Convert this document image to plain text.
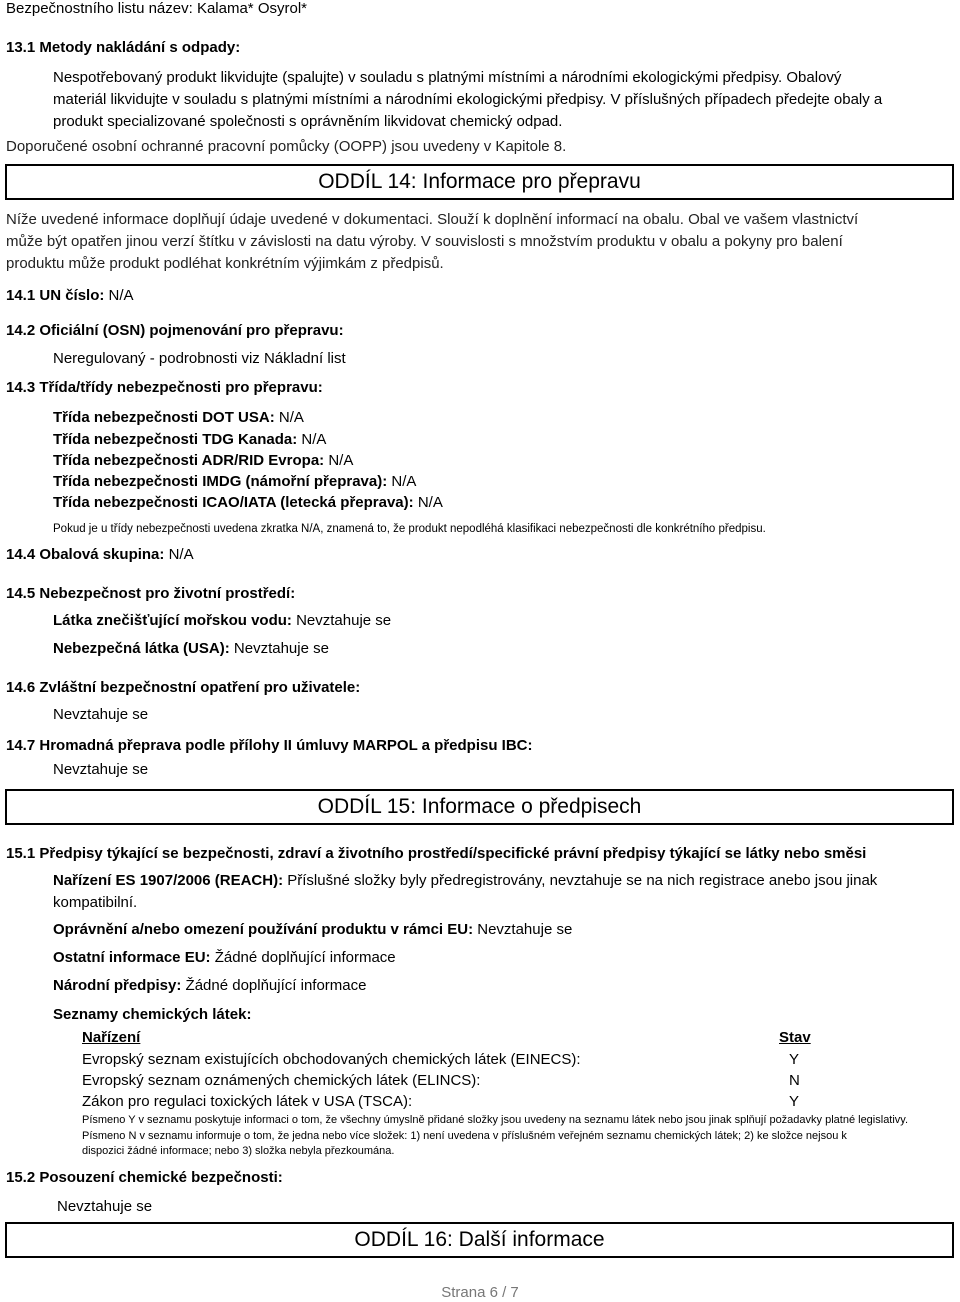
Bezpečnostního listu název: Kalama* Osyrol*
13.1 Metody nakládání s odpady:
Nespotřebovaný produkt likvidujte (spalujte) v souladu s platnými místními a národními ekologickými předpisy. Obalový
materiál likvidujte v souladu s platnými místními a národními ekologickými předpisy. V příslušných případech předejte obaly a
produkt specializované společnosti s oprávněním likvidovat chemický odpad.
Doporučené osobní ochranné pracovní pomůcky (OOPP) jsou uvedeny v Kapitole 8.
ODDÍL 14: Informace pro přepravu
Níže uvedené informace doplňují údaje uvedené v dokumentaci. Slouží k doplnění informací na obalu. Obal ve vašem vlastnictví
může být opatřen jinou verzí štítku v závislosti na datu výroby. V souvislosti s množstvím produktu v obalu a pokyny pro balení
produktu může produkt podléhat konkrétním výjimkám z předpisů.
14.1 UN číslo: N/A
14.2 Oficiální (OSN) pojmenování pro přepravu:
Neregulovaný - podrobnosti viz Nákladní list
14.3 Třída/třídy nebezpečnosti pro přepravu:
Třída nebezpečnosti DOT USA: N/A
Třída nebezpečnosti TDG Kanada: N/A
Třída nebezpečnosti ADR/RID Evropa: N/A
Třída nebezpečnosti IMDG (námořní přeprava): N/A
Třída nebezpečnosti ICAO/IATA (letecká přeprava): N/A
Pokud je u třídy nebezpečnosti uvedena zkratka N/A, znamená to, že produkt nepodléhá klasifikaci nebezpečnosti dle konkrétního předpisu.
14.4 Obalová skupina: N/A
14.5 Nebezpečnost pro životní prostředí:
Látka znečišťující mořskou vodu: Nevztahuje se
Nebezpečná látka (USA): Nevztahuje se
14.6 Zvláštní bezpečnostní opatření pro uživatele:
Nevztahuje se
14.7 Hromadná přeprava podle přílohy II úmluvy MARPOL a předpisu IBC:
Nevztahuje se
ODDÍL 15: Informace o předpisech
15.1 Předpisy týkající se bezpečnosti, zdraví a životního prostředí/specifické právní předpisy týkající se látky nebo směsi
Nařízení ES 1907/2006 (REACH): Příslušné složky byly předregistrovány, nevztahuje se na nich registrace anebo jsou jinak
kompatibilní.
Oprávnění a/nebo omezení používání produktu v rámci EU: Nevztahuje se
Ostatní informace EU: Žádné doplňující informace
Národní předpisy: Žádné doplňující informace
Seznamy chemických látek:
Nařízení	Stav
Evropský seznam existujících obchodovaných chemických látek (EINECS):	Y
Evropský seznam oznámených chemických látek (ELINCS):	N
Zákon pro regulaci toxických látek v USA (TSCA):	Y
Písmeno Y v seznamu poskytuje informaci o tom, že všechny úmyslně přidané složky jsou uvedeny na seznamu látek nebo jsou jinak splňují požadavky platné legislativy.
Písmeno N v seznamu informuje o tom, že jedna nebo více složek: 1) není uvedena v příslušném veřejném seznamu chemických látek; 2) ke složce nejsou k
dispozici žádné informace; nebo 3) složka nebyla přezkoumána.
15.2 Posouzení chemické bezpečnosti:
Nevztahuje se
ODDÍL 16: Další informace
Strana 6 / 7
